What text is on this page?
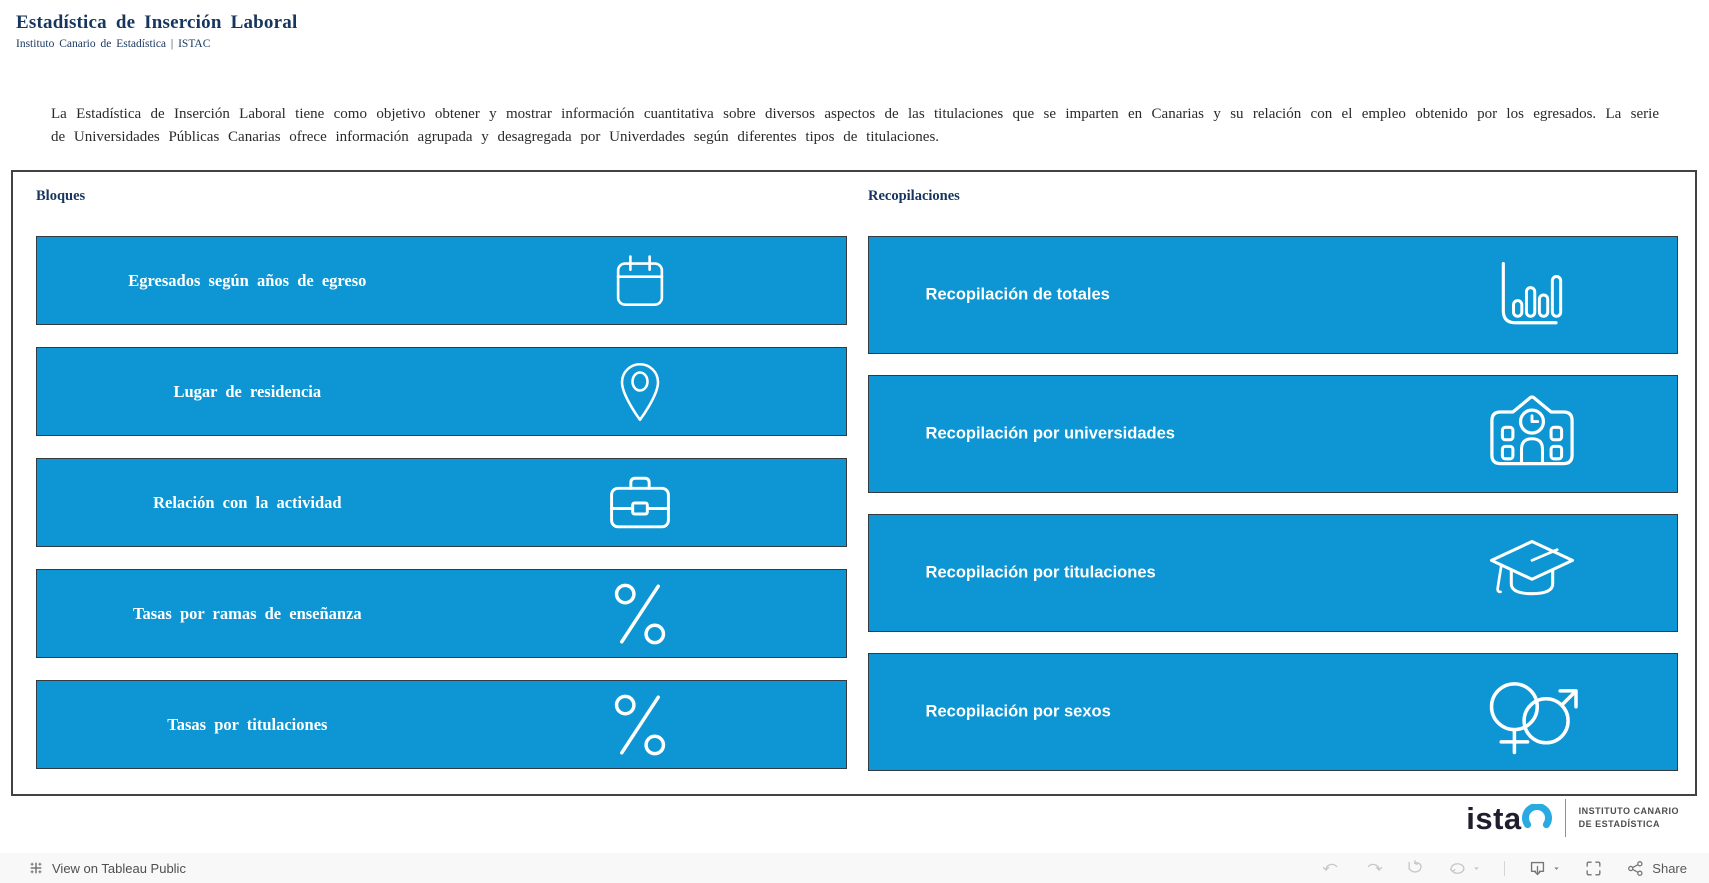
Estadística de Inserción Laboral
Instituto Canario de Estadística | ISTAC

La Estadística de Inserción Laboral tiene como objetivo obtener y mostrar información cuantitativa sobre diversos aspectos de las titulaciones que se imparten en Canarias y su relación con el empleo obtenido por los egresados. La serie de Universidades Públicas Canarias ofrece información agrupada y desagregada por Univerdades según diferentes tipos de titulaciones.

Bloques	Recopilaciones
Egresados según años de egreso
Lugar de residencia
Relación con la actividad
Tasas por ramas de enseñanza
Tasas por titulaciones
Recopilación de totales
Recopilación por universidades
Recopilación por titulaciones
Recopilación por sexos
ista	INSTITUTO CANARIO
DE ESTADÍSTICA
View on Tableau Public	Share
